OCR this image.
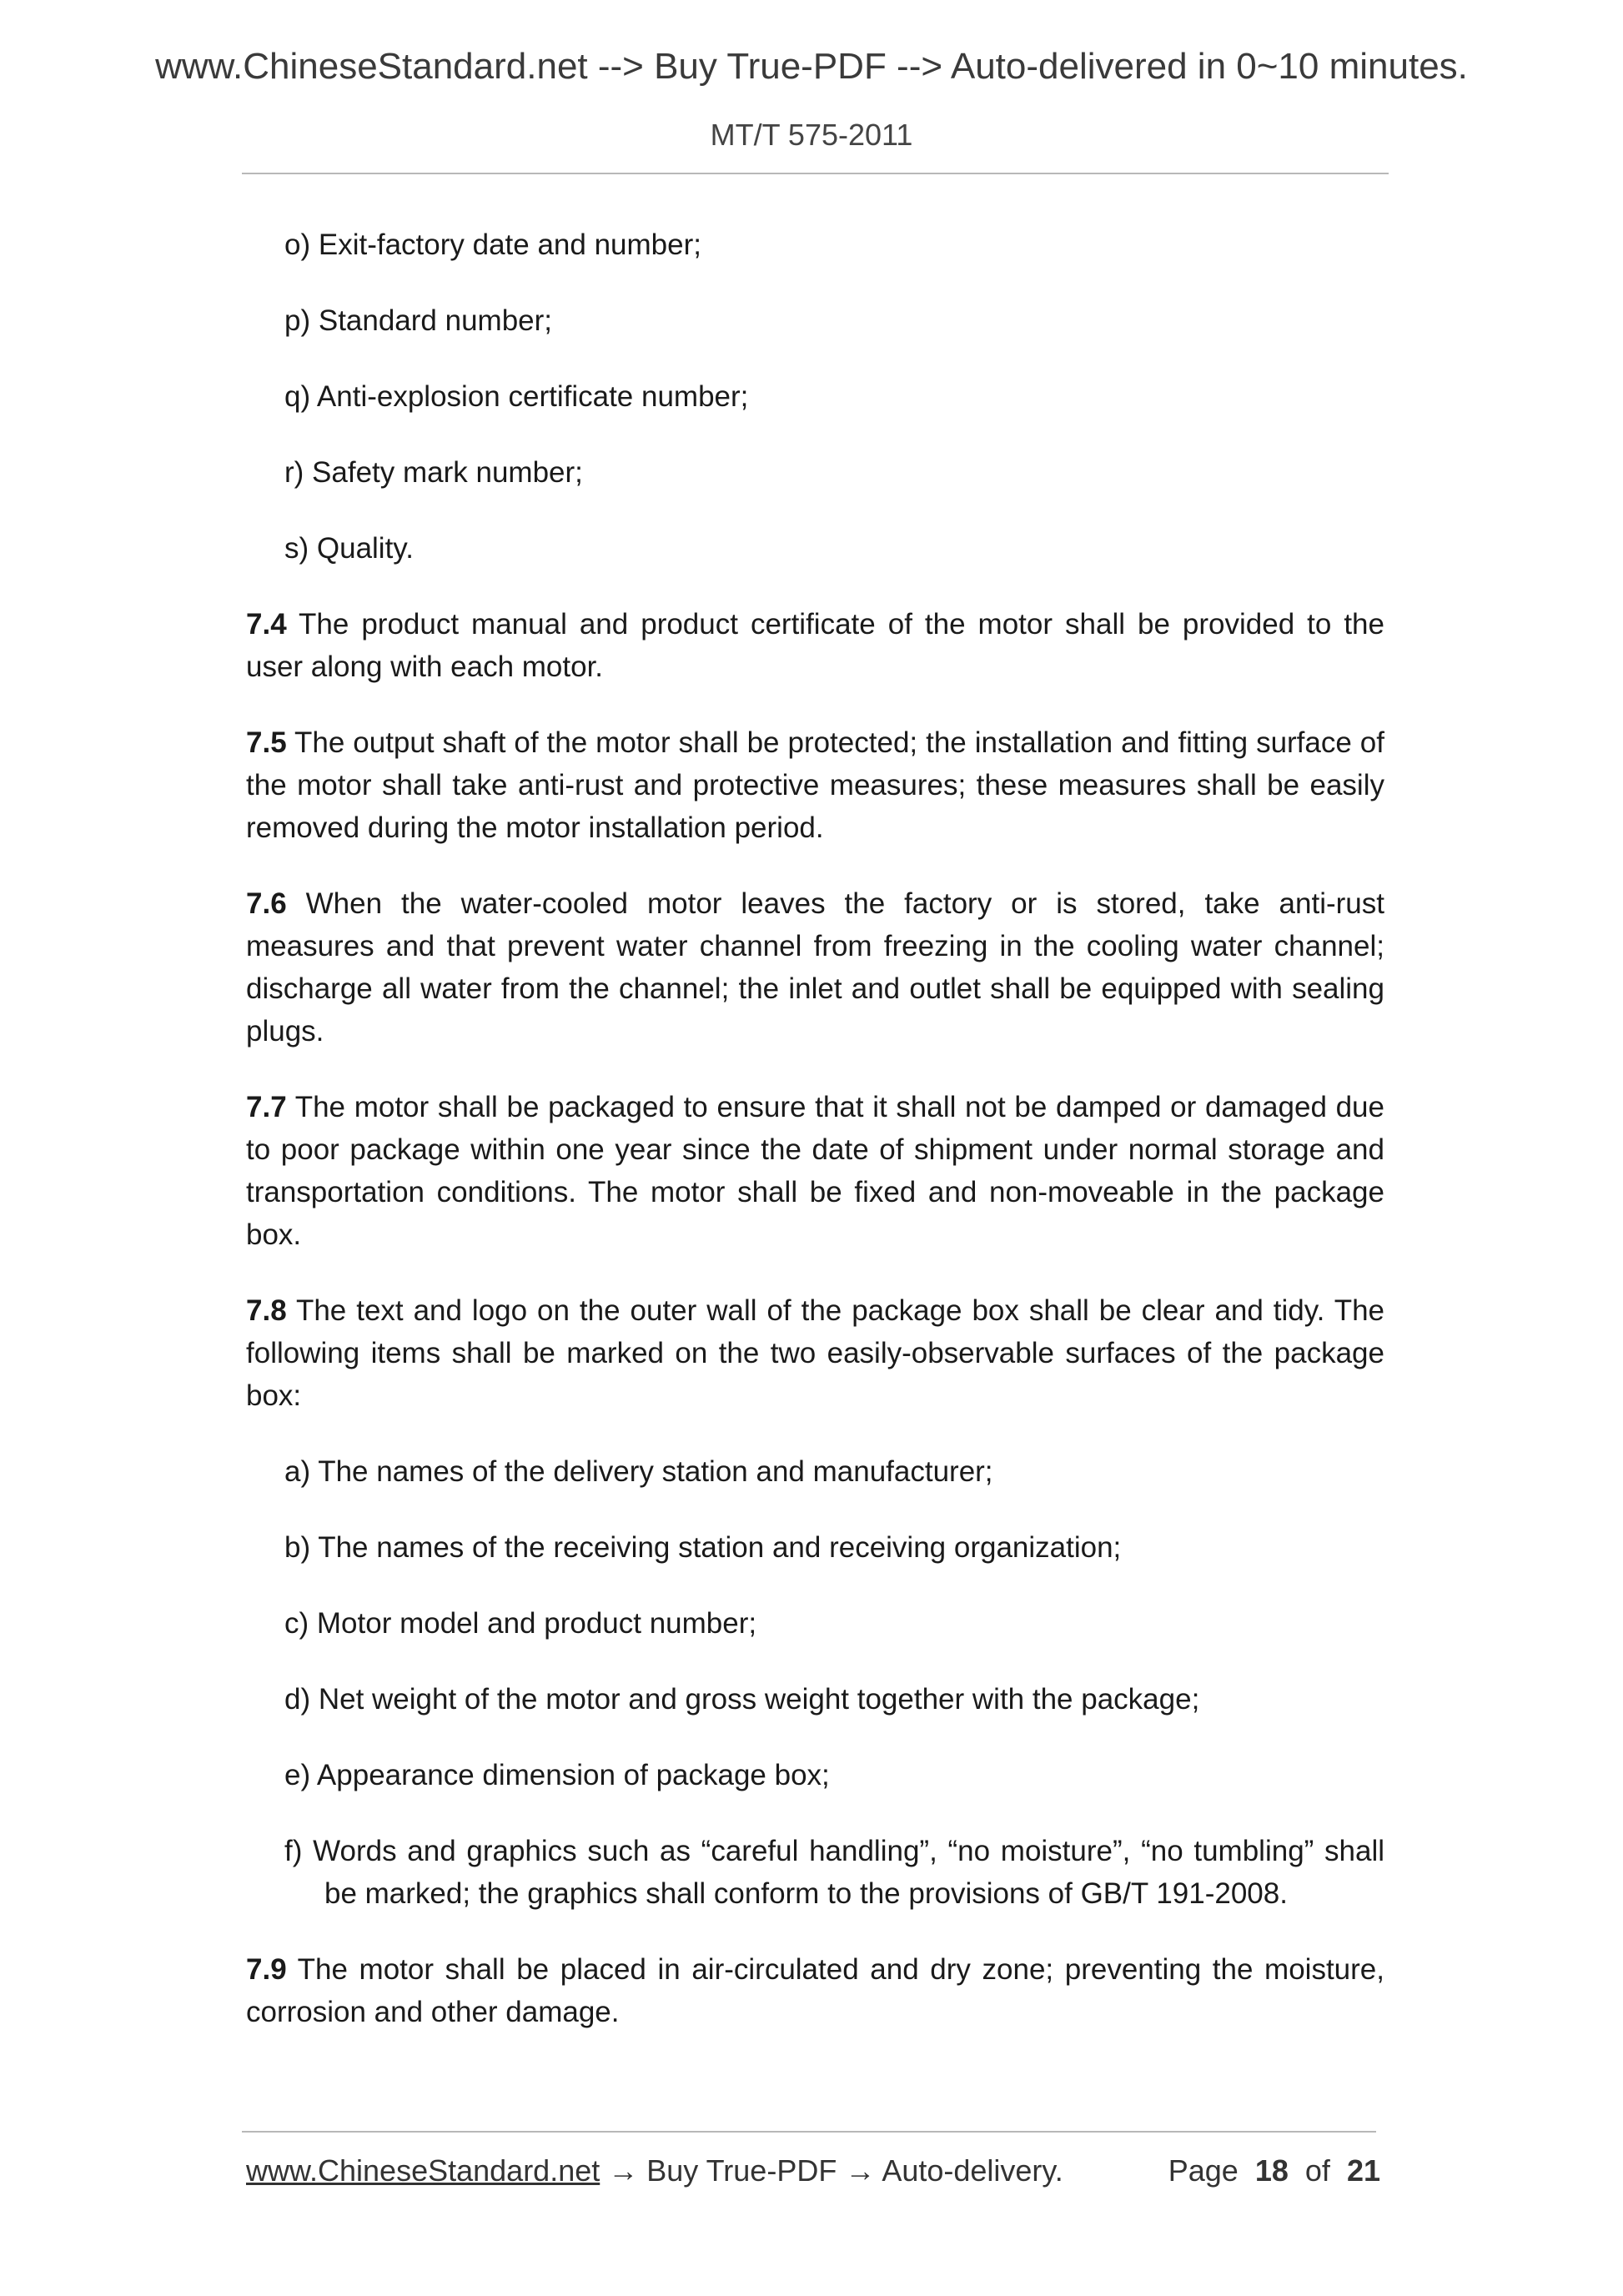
www.ChineseStandard.net --> Buy True-PDF --> Auto-delivered in 0~10 minutes.
MT/T 575-2011

o) Exit-factory date and number;

p) Standard number;

q) Anti-explosion certificate number;

r) Safety mark number;

s) Quality.

7.4 The product manual and product certificate of the motor shall be provided to the user along with each motor.

7.5 The output shaft of the motor shall be protected; the installation and fitting surface of the motor shall take anti-rust and protective measures; these measures shall be easily removed during the motor installation period.

7.6 When the water-cooled motor leaves the factory or is stored, take anti-rust measures and that prevent water channel from freezing in the cooling water channel; discharge all water from the channel; the inlet and outlet shall be equipped with sealing plugs.

7.7 The motor shall be packaged to ensure that it shall not be damped or damaged due to poor package within one year since the date of shipment under normal storage and transportation conditions. The motor shall be fixed and non-moveable in the package box.

7.8 The text and logo on the outer wall of the package box shall be clear and tidy. The following items shall be marked on the two easily-observable surfaces of the package box:

a) The names of the delivery station and manufacturer;

b) The names of the receiving station and receiving organization;

c) Motor model and product number;

d) Net weight of the motor and gross weight together with the package;

e) Appearance dimension of package box;

f) Words and graphics such as “careful handling”, “no moisture”, “no tumbling” shall be marked; the graphics shall conform to the provisions of GB/T 191-2008.

7.9 The motor shall be placed in air-circulated and dry zone; preventing the moisture, corrosion and other damage.

www.ChineseStandard.net → Buy True-PDF → Auto-delivery.	Page 18 of 21
